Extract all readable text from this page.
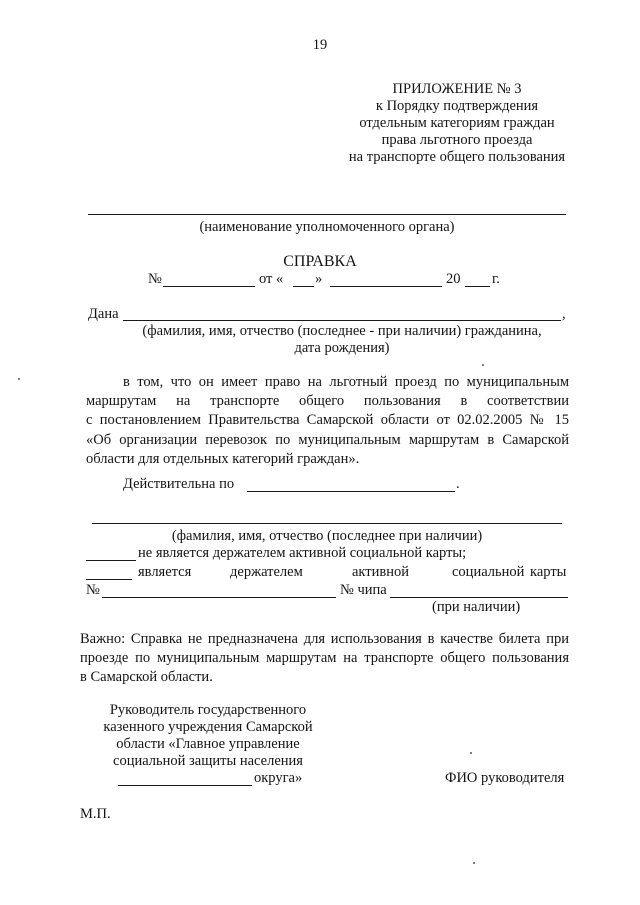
19
ПРИЛОЖЕНИЕ № 3
к Порядку подтверждения
отдельным категориям граждан
права льготного проезда
на транспорте общего пользования
(наименование уполномоченного органа)
СПРАВКА
№	от « »	20 г.
Дана	,
(фамилия, имя, отчество (последнее - при наличии) гражданина,
дата рождения)
в том, что он имеет право на льготный проезд по муниципальным
маршрутам на транспорте общего пользования в соответствии
с постановлением Правительства Самарской области от 02.02.2005 № 15
«Об организации перевозок по муниципальным маршрутам в Самарской
области для отдельных категорий граждан».
Действительна по	.
(фамилия, имя, отчество (последнее при наличии)
не является держателем активной социальной карты;
является	держателем	активной	социальной карты
№	№ чипа
(при наличии)
Важно: Справка не предназначена для использования в качестве билета при
проезде по муниципальным маршрутам на транспорте общего пользования
в Самарской области.
Руководитель государственного
казенного учреждения Самарской
области «Главное управление
социальной защиты населения
округа»	ФИО руководителя
М.П.
